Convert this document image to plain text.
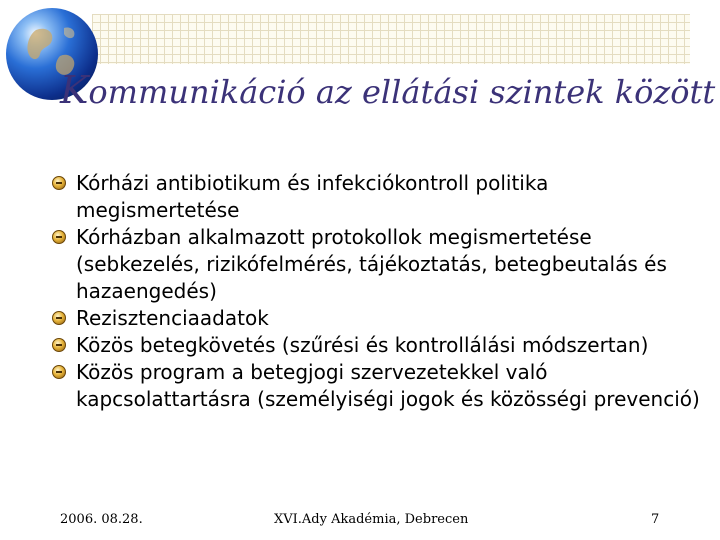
Kommunikáció az ellátási szintek között
Kórházi antibiotikum és infekciókontroll politika megismertetése
Kórházban alkalmazott protokollok megismertetése (sebkezelés, rizikófelmérés, tájékoztatás, betegbeutalás és hazaengedés)
Rezisztenciaadatok
Közös betegkövetés (szűrési és kontrollálási módszertan)
Közös program a betegjogi szervezetekkel való kapcsolattartásra (személyiségi jogok és közösségi prevenció)
2006. 08.28.	XVI.Ady Akadémia, Debrecen	7
